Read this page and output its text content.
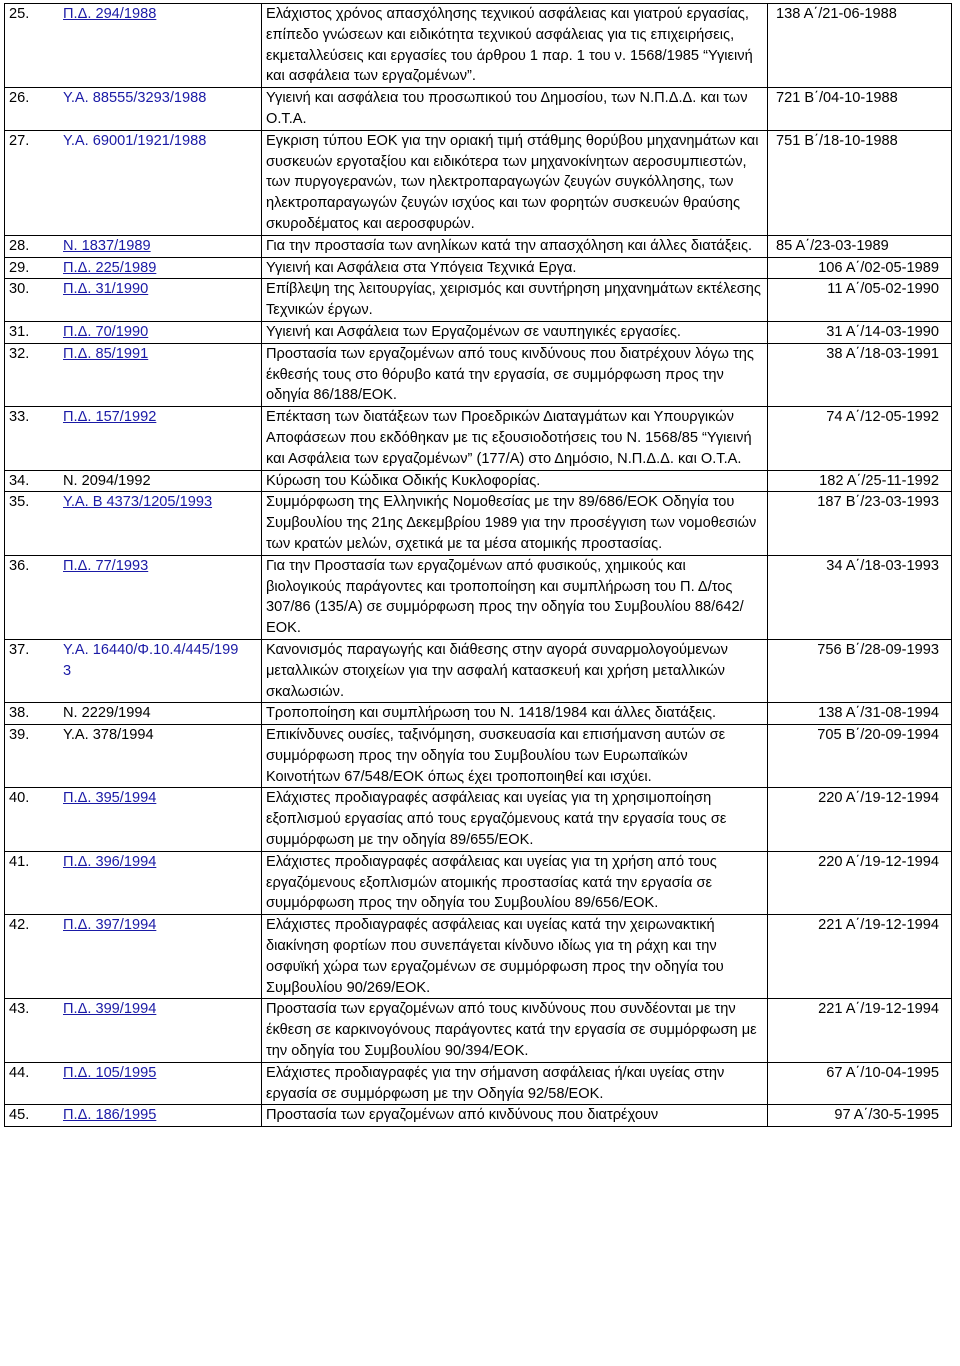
25. Π.Δ. 294/1988	Ελάχιστος χρόνος απασχόλησης τεχνικού ασφάλειας και γιατρού εργασίας, επίπεδο γνώσεων και ειδικότητα τεχνικού ασφάλειας για τις επιχειρήσεις, εκμεταλλεύσεις και εργασίες του άρθρου 1 παρ. 1 του ν. 1568/1985 “Υγιεινή και ασφάλεια των εργαζομένων”.	138 Α΄/21-06-1988
26. Υ.Α. 88555/3293/1988	Υγιεινή και ασφάλεια του προσωπικού του Δημοσίου, των Ν.Π.Δ.Δ. και των Ο.Τ.Α.	721 Β΄/04-10-1988
27. Υ.Α. 69001/1921/1988	Εγκριση τύπου ΕΟΚ για την οριακή τιμή στάθμης θορύβου μηχανημάτων και συσκευών εργοταξίου και ειδικότερα των μηχανοκίνητων αεροσυμπιεστών, των πυργογερανών, των ηλεκτροπαραγωγών ζευγών συγκόλλησης, των ηλεκτροπαραγωγών ζευγών ισχύος και των φορητών συσκευών θραύσης σκυροδέματος και αεροσφυρών.	751 Β΄/18-10-1988
28. Ν. 1837/1989	Για την προστασία των ανηλίκων κατά την απασχόληση και άλλες διατάξεις.	85 Α΄/23-03-1989
29. Π.Δ. 225/1989	Υγιεινή και Ασφάλεια στα Υπόγεια Τεχνικά Εργα.	106 Α΄/02-05-1989
30. Π.Δ. 31/1990	Επίβλεψη της λειτουργίας, χειρισμός και συντήρηση μηχανημάτων εκτέλεσης Τεχνικών έργων.	11 Α΄/05-02-1990
31. Π.Δ. 70/1990	Υγιεινή και Ασφάλεια των Εργαζομένων σε ναυπηγικές εργασίες.	31 Α΄/14-03-1990
32. Π.Δ. 85/1991	Προστασία των εργαζομένων από τους κινδύνους που διατρέχουν λόγω της έκθεσής τους στο θόρυβο κατά την εργασία, σε συμμόρφωση προς την οδηγία 86/188/ΕΟΚ.	38 Α΄/18-03-1991
33. Π.Δ. 157/1992	Επέκταση των διατάξεων των Προεδρικών Διαταγμάτων και Υπουργικών Αποφάσεων που εκδόθηκαν με τις εξουσιοδοτήσεις του Ν. 1568/85 “Υγιεινή και Ασφάλεια των εργαζομένων” (177/Α) στο Δημόσιο, Ν.Π.Δ.Δ. και Ο.Τ.Α.	74 Α΄/12-05-1992
34. Ν. 2094/1992	Κύρωση του Κώδικα Οδικής Κυκλοφορίας.	182 Α΄/25-11-1992
35. Υ.Α. Β 4373/1205/1993	Συμμόρφωση της Ελληνικής Νομοθεσίας με την 89/686/ΕΟΚ Οδηγία του Συμβουλίου της 21ης Δεκεμβρίου 1989 για την προσέγγιση των νομοθεσιών των κρατών μελών, σχετικά με τα μέσα ατομικής προστασίας.	187 Β΄/23-03-1993
36. Π.Δ. 77/1993	Για την Προστασία των εργαζομένων από φυσικούς, χημικούς και βιολογικούς παράγοντες και τροποποίηση και συμπλήρωση του Π. Δ/τος 307/86 (135/Α) σε συμμόρφωση προς την οδηγία του Συμβουλίου 88/642/ΕΟΚ.	34 Α΄/18-03-1993

37. Υ.Α. 16440/Φ.10.4/445/1993	Κανονισμός παραγωγής και διάθεσης στην αγορά συναρμολογούμενων μεταλλικών στοιχείων για την ασφαλή κατασκευή και χρήση μεταλλικών σκαλωσιών.	756 Β΄/28-09-1993
38. Ν. 2229/1994	Τροποποίηση και συμπλήρωση του Ν. 1418/1984 και άλλες διατάξεις.	138 Α΄/31-08-1994
39. Υ.Α. 378/1994	Επικίνδυνες ουσίες, ταξινόμηση, συσκευασία και επισήμανση αυτών σε συμμόρφωση προς την οδηγία του Συμβουλίου των Ευρωπαϊκών Κοινοτήτων 67/548/ΕΟΚ όπως έχει τροποποιηθεί και ισχύει.	705 Β΄/20-09-1994
40. Π.Δ. 395/1994	Ελάχιστες προδιαγραφές ασφάλειας και υγείας για τη χρησιμοποίηση εξοπλισμού εργασίας από τους εργαζόμενους κατά την εργασία τους σε συμμόρφωση με την οδηγία 89/655/ΕΟΚ.	220 Α΄/19-12-1994
41. Π.Δ. 396/1994	Ελάχιστες προδιαγραφές ασφάλειας και υγείας για τη χρήση από τους εργαζόμενους εξοπλισμών ατομικής προστασίας κατά την εργασία σε συμμόρφωση προς την οδηγία του Συμβουλίου 89/656/ΕΟΚ.	220 Α΄/19-12-1994
42. Π.Δ. 397/1994	Ελάχιστες προδιαγραφές ασφάλειας και υγείας κατά την χειρωνακτική διακίνηση φορτίων που συνεπάγεται κίνδυνο ιδίως για τη ράχη και την οσφυϊκή χώρα των εργαζομένων σε συμμόρφωση προς την οδηγία του Συμβουλίου 90/269/ΕΟΚ.	221 Α΄/19-12-1994
43. Π.Δ. 399/1994	Προστασία των εργαζομένων από τους κινδύνους που συνδέονται με την έκθεση σε καρκινογόνους παράγοντες κατά την εργασία σε συμμόρφωση με την οδηγία του Συμβουλίου 90/394/ΕΟΚ.	221 Α΄/19-12-1994
44. Π.Δ. 105/1995	Ελάχιστες προδιαγραφές για την σήμανση ασφάλειας ή/και υγείας στην εργασία σε συμμόρφωση με την Οδηγία 92/58/ΕΟΚ.	67 Α΄/10-04-1995
45. Π.Δ. 186/1995	Προστασία των εργαζομένων από κινδύνους που διατρέχουν	97 Α΄/30-5-1995
